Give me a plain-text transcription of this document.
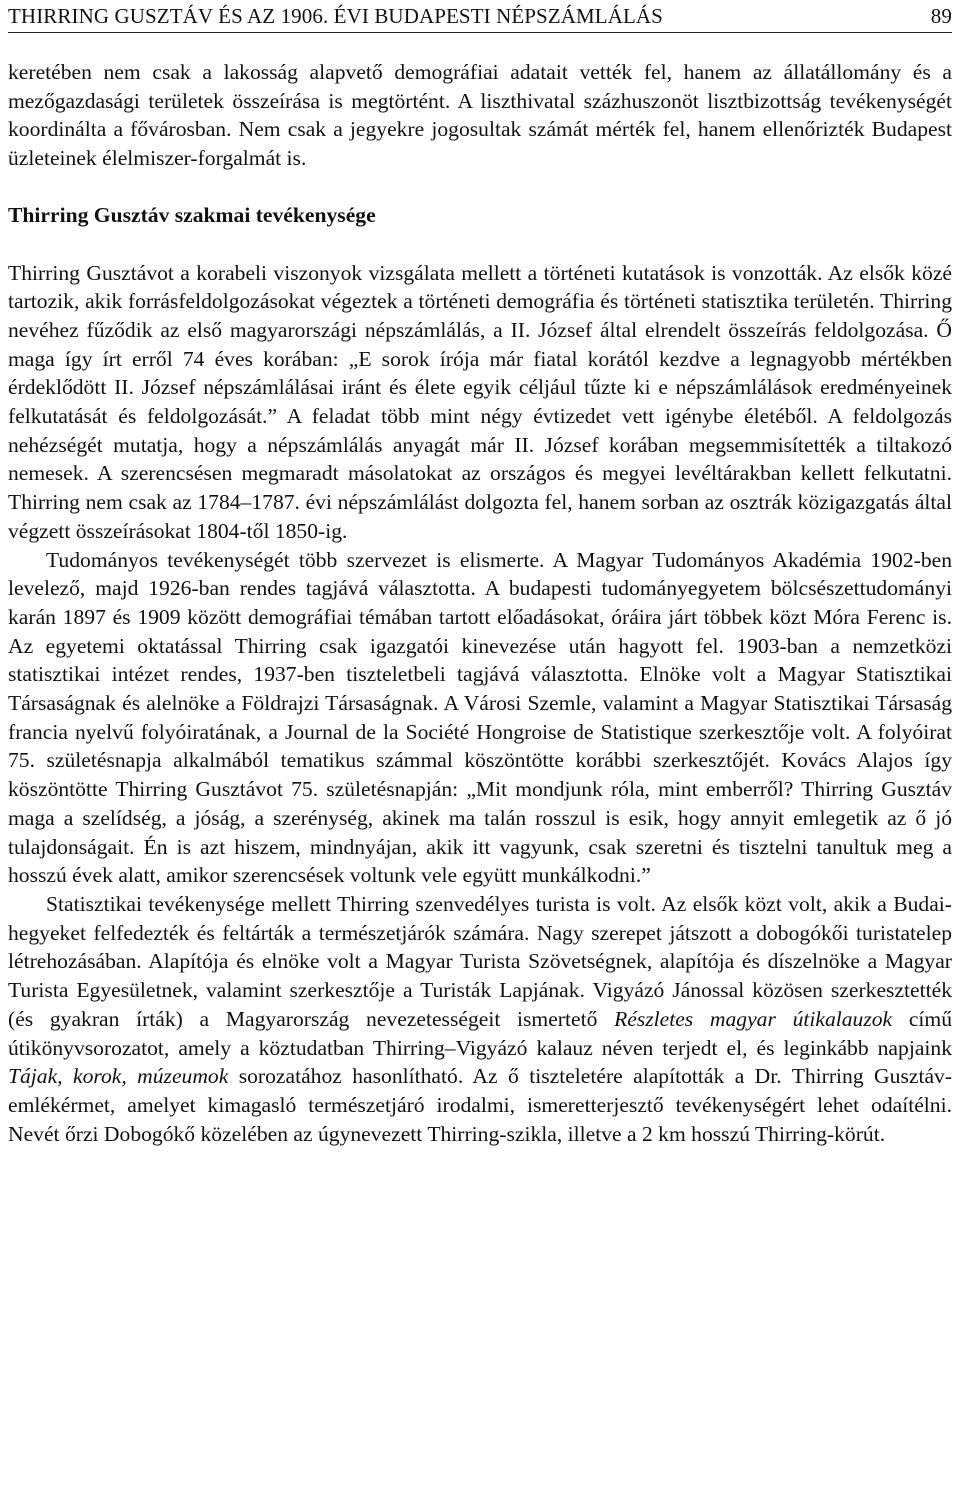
THIRRING GUSZTÁV ÉS AZ 1906. ÉVI BUDAPESTI NÉPSZÁMLÁLÁS	89

keretében nem csak a lakosság alapvető demográfiai adatait vették fel, hanem az állatállomány és a mezőgazdasági területek összeírása is megtörtént. A liszthivatal százhuszonöt lisztbizottság tevékenységét koordinálta a fővárosban. Nem csak a jegyekre jogosultak számát mérték fel, hanem ellenőrizték Budapest üzleteinek élelmiszer-forgalmát is.

Thirring Gusztáv szakmai tevékenysége

Thirring Gusztávot a korabeli viszonyok vizsgálata mellett a történeti kutatások is vonzották. Az elsők közé tartozik, akik forrásfeldolgozásokat végeztek a történeti demográfia és történeti statisztika területén. Thirring nevéhez fűződik az első magyarországi népszámlálás, a II. József által elrendelt összeírás feldolgozása. Ő maga így írt erről 74 éves korában: „E sorok írója már fiatal korától kezdve a legnagyobb mértékben érdeklődött II. József népszámlálásai iránt és élete egyik céljául tűzte ki e népszámlálások eredményeinek felkutatását és feldolgozását.” A feladat több mint négy évtizedet vett igénybe életéből. A feldolgozás nehézségét mutatja, hogy a népszámlálás anyagát már II. József korában megsemmisítették a tiltakozó nemesek. A szerencsésen megmaradt másolatokat az országos és megyei levéltárakban kellett felkutatni. Thirring nem csak az 1784–1787. évi népszámlálást dolgozta fel, hanem sorban az osztrák közigazgatás által végzett összeírásokat 1804-től 1850-ig.

Tudományos tevékenységét több szervezet is elismerte. A Magyar Tudományos Akadémia 1902-ben levelező, majd 1926-ban rendes tagjává választotta. A budapesti tudományegyetem bölcsészettudományi karán 1897 és 1909 között demográfiai témában tartott előadásokat, óráira járt többek közt Móra Ferenc is. Az egyetemi oktatással Thirring csak igazgatói kinevezése után hagyott fel. 1903-ban a nemzetközi statisztikai intézet rendes, 1937-ben tiszteletbeli tagjává választotta. Elnöke volt a Magyar Statisztikai Társaságnak és alelnöke a Földrajzi Társaságnak. A Városi Szemle, valamint a Magyar Statisztikai Társaság francia nyelvű folyóiratának, a Journal de la Société Hongroise de Statistique szerkesztője volt. A folyóirat 75. születésnapja alkalmából tematikus számmal köszöntötte korábbi szerkesztőjét. Kovács Alajos így köszöntötte Thirring Gusztávot 75. születésnapján: „Mit mondjunk róla, mint emberről? Thirring Gusztáv maga a szelídség, a jóság, a szerénység, akinek ma talán rosszul is esik, hogy annyit emlegetik az ő jó tulajdonságait. Én is azt hiszem, mindnyájan, akik itt vagyunk, csak szeretni és tisztelni tanultuk meg a hosszú évek alatt, amikor szerencsések voltunk vele együtt munkálkodni.”

Statisztikai tevékenysége mellett Thirring szenvedélyes turista is volt. Az elsők közt volt, akik a Budai-hegyeket felfedezték és feltárták a természetjárók számára. Nagy szerepet játszott a dobogókői turistatelep létrehozásában. Alapítója és elnöke volt a Magyar Turista Szövetségnek, alapítója és díszelnöke a Magyar Turista Egyesületnek, valamint szerkesztője a Turisták Lapjának. Vigyázó Jánossal közösen szerkesztették (és gyakran írták) a Magyarország nevezetességeit ismertető Részletes magyar útikalauzok című útikönyvsorozatot, amely a köztudatban Thirring–Vigyázó kalauz néven terjedt el, és leginkább napjaink Tájak, korok, múzeumok sorozatához hasonlítható. Az ő tiszteletére alapították a Dr. Thirring Gusztáv-emlékérmet, amelyet kimagasló természetjáró irodalmi, ismeretterjesztő tevékenységért lehet odaítélni. Nevét őrzi Dobogókő közelében az úgynevezett Thirring-szikla, illetve a 2 km hosszú Thirring-körút.
